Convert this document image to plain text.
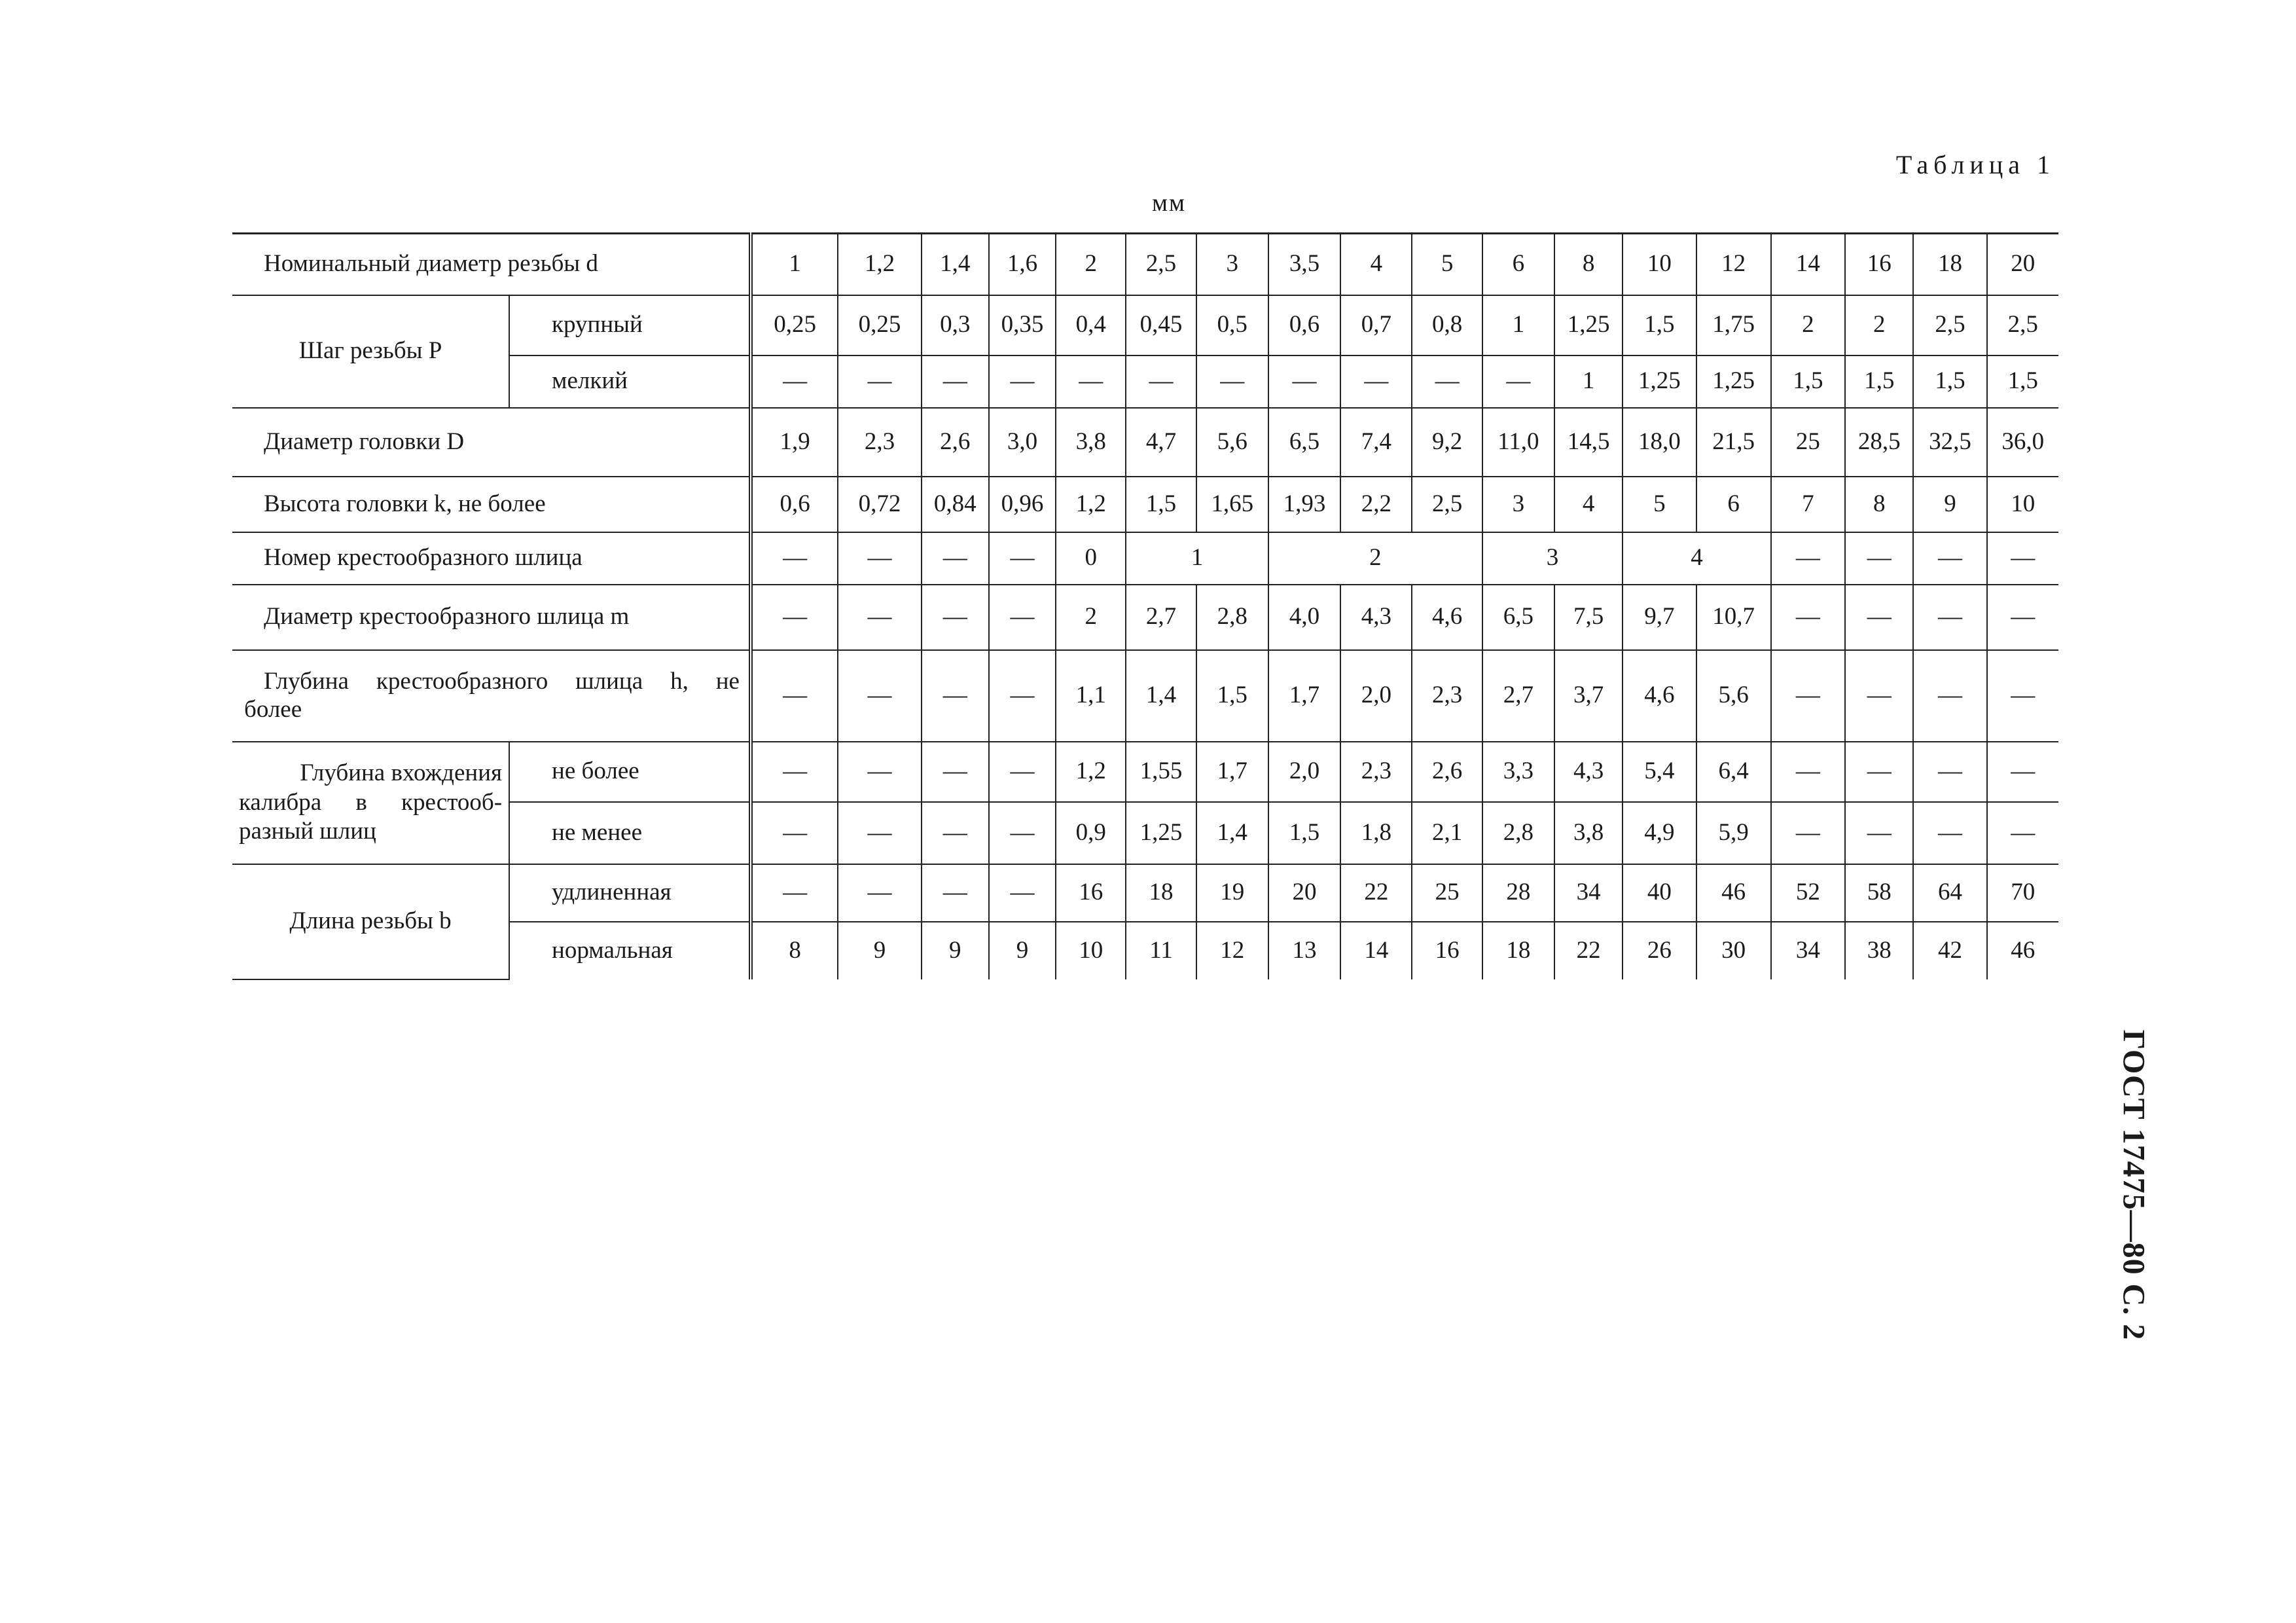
Таблица 1
мм
ГОСТ 17475—80 С. 2
Номинальный диаметр резьбы d		1	1,2	1,4	1,6	2	2,5	3	3,5	4	5	6	8	10	12	14	16	18	20
Шаг резьбы P	крупный	0,25	0,25	0,3	0,35	0,4	0,45	0,5	0,6	0,7	0,8	1	1,25	1,5	1,75	2	2	2,5	2,5
	мелкий	—	—	—	—	—	—	—	—	—	—	—	1	1,25	1,25	1,5	1,5	1,5	1,5
Диаметр головки D		1,9	2,3	2,6	3,0	3,8	4,7	5,6	6,5	7,4	9,2	11,0	14,5	18,0	21,5	25	28,5	32,5	36,0
Высота головки k, не более		0,6	0,72	0,84	0,96	1,2	1,5	1,65	1,93	2,2	2,5	3	4	5	6	7	8	9	10
Номер крестообразного шлица		—	—	—	—	0	1		2			3		4		—	—	—	—
Диаметр крестообразного шлица m		—	—	—	—	2	2,7	2,8	4,0	4,3	4,6	6,5	7,5	9,7	10,7	—	—	—	—

Глубина крестообразного шлица h, не
более		—	—	—	—	1,1	1,4	1,5	1,7	2,0	2,3	2,7	3,7	4,6	5,6	—	—	—	—

Глубина вхождения
калибра в крестооб-
разный шлиц	не более	—	—	—	—	1,2	1,55	1,7	2,0	2,3	2,6	3,3	4,3	5,4	6,4	—	—	—	—
	не менее	—	—	—	—	0,9	1,25	1,4	1,5	1,8	2,1	2,8	3,8	4,9	5,9	—	—	—	—
Длина резьбы b	удлиненная	—	—	—	—	16	18	19	20	22	25	28	34	40	46	52	58	64	70
	нормальная	8	9	9	9	10	11	12	13	14	16	18	22	26	30	34	38	42	46
